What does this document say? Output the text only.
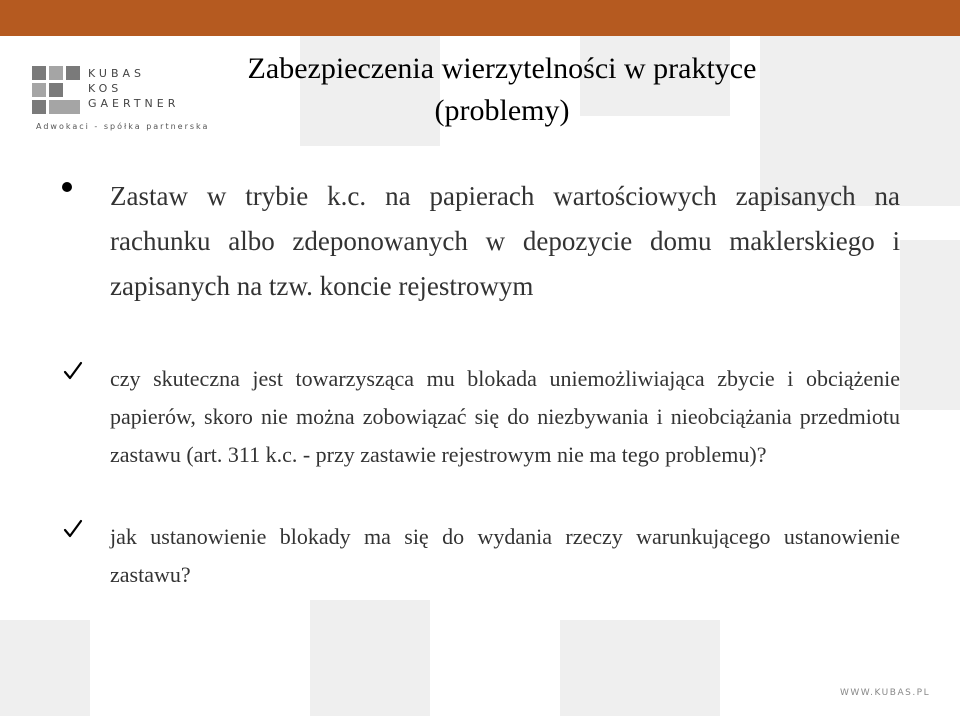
KUBAS
KOS
GAERTNER
Adwokaci - spółka partnerska
Zabezpieczenia wierzytelności w praktyce
(problemy)
Zastaw w trybie k.c. na papierach wartościowych zapisanych na rachunku albo zdeponowanych w depozycie domu maklerskiego i zapisanych na tzw. koncie rejestrowym
czy skuteczna jest towarzysząca mu blokada uniemożliwiająca zbycie i obciążenie papierów, skoro nie można zobowiązać się do niezbywania i nieobciążania przedmiotu zastawu (art. 311 k.c. - przy zastawie rejestrowym nie ma tego problemu)?
jak ustanowienie blokady ma się do wydania rzeczy warunkującego ustanowienie zastawu?
WWW.KUBAS.PL
